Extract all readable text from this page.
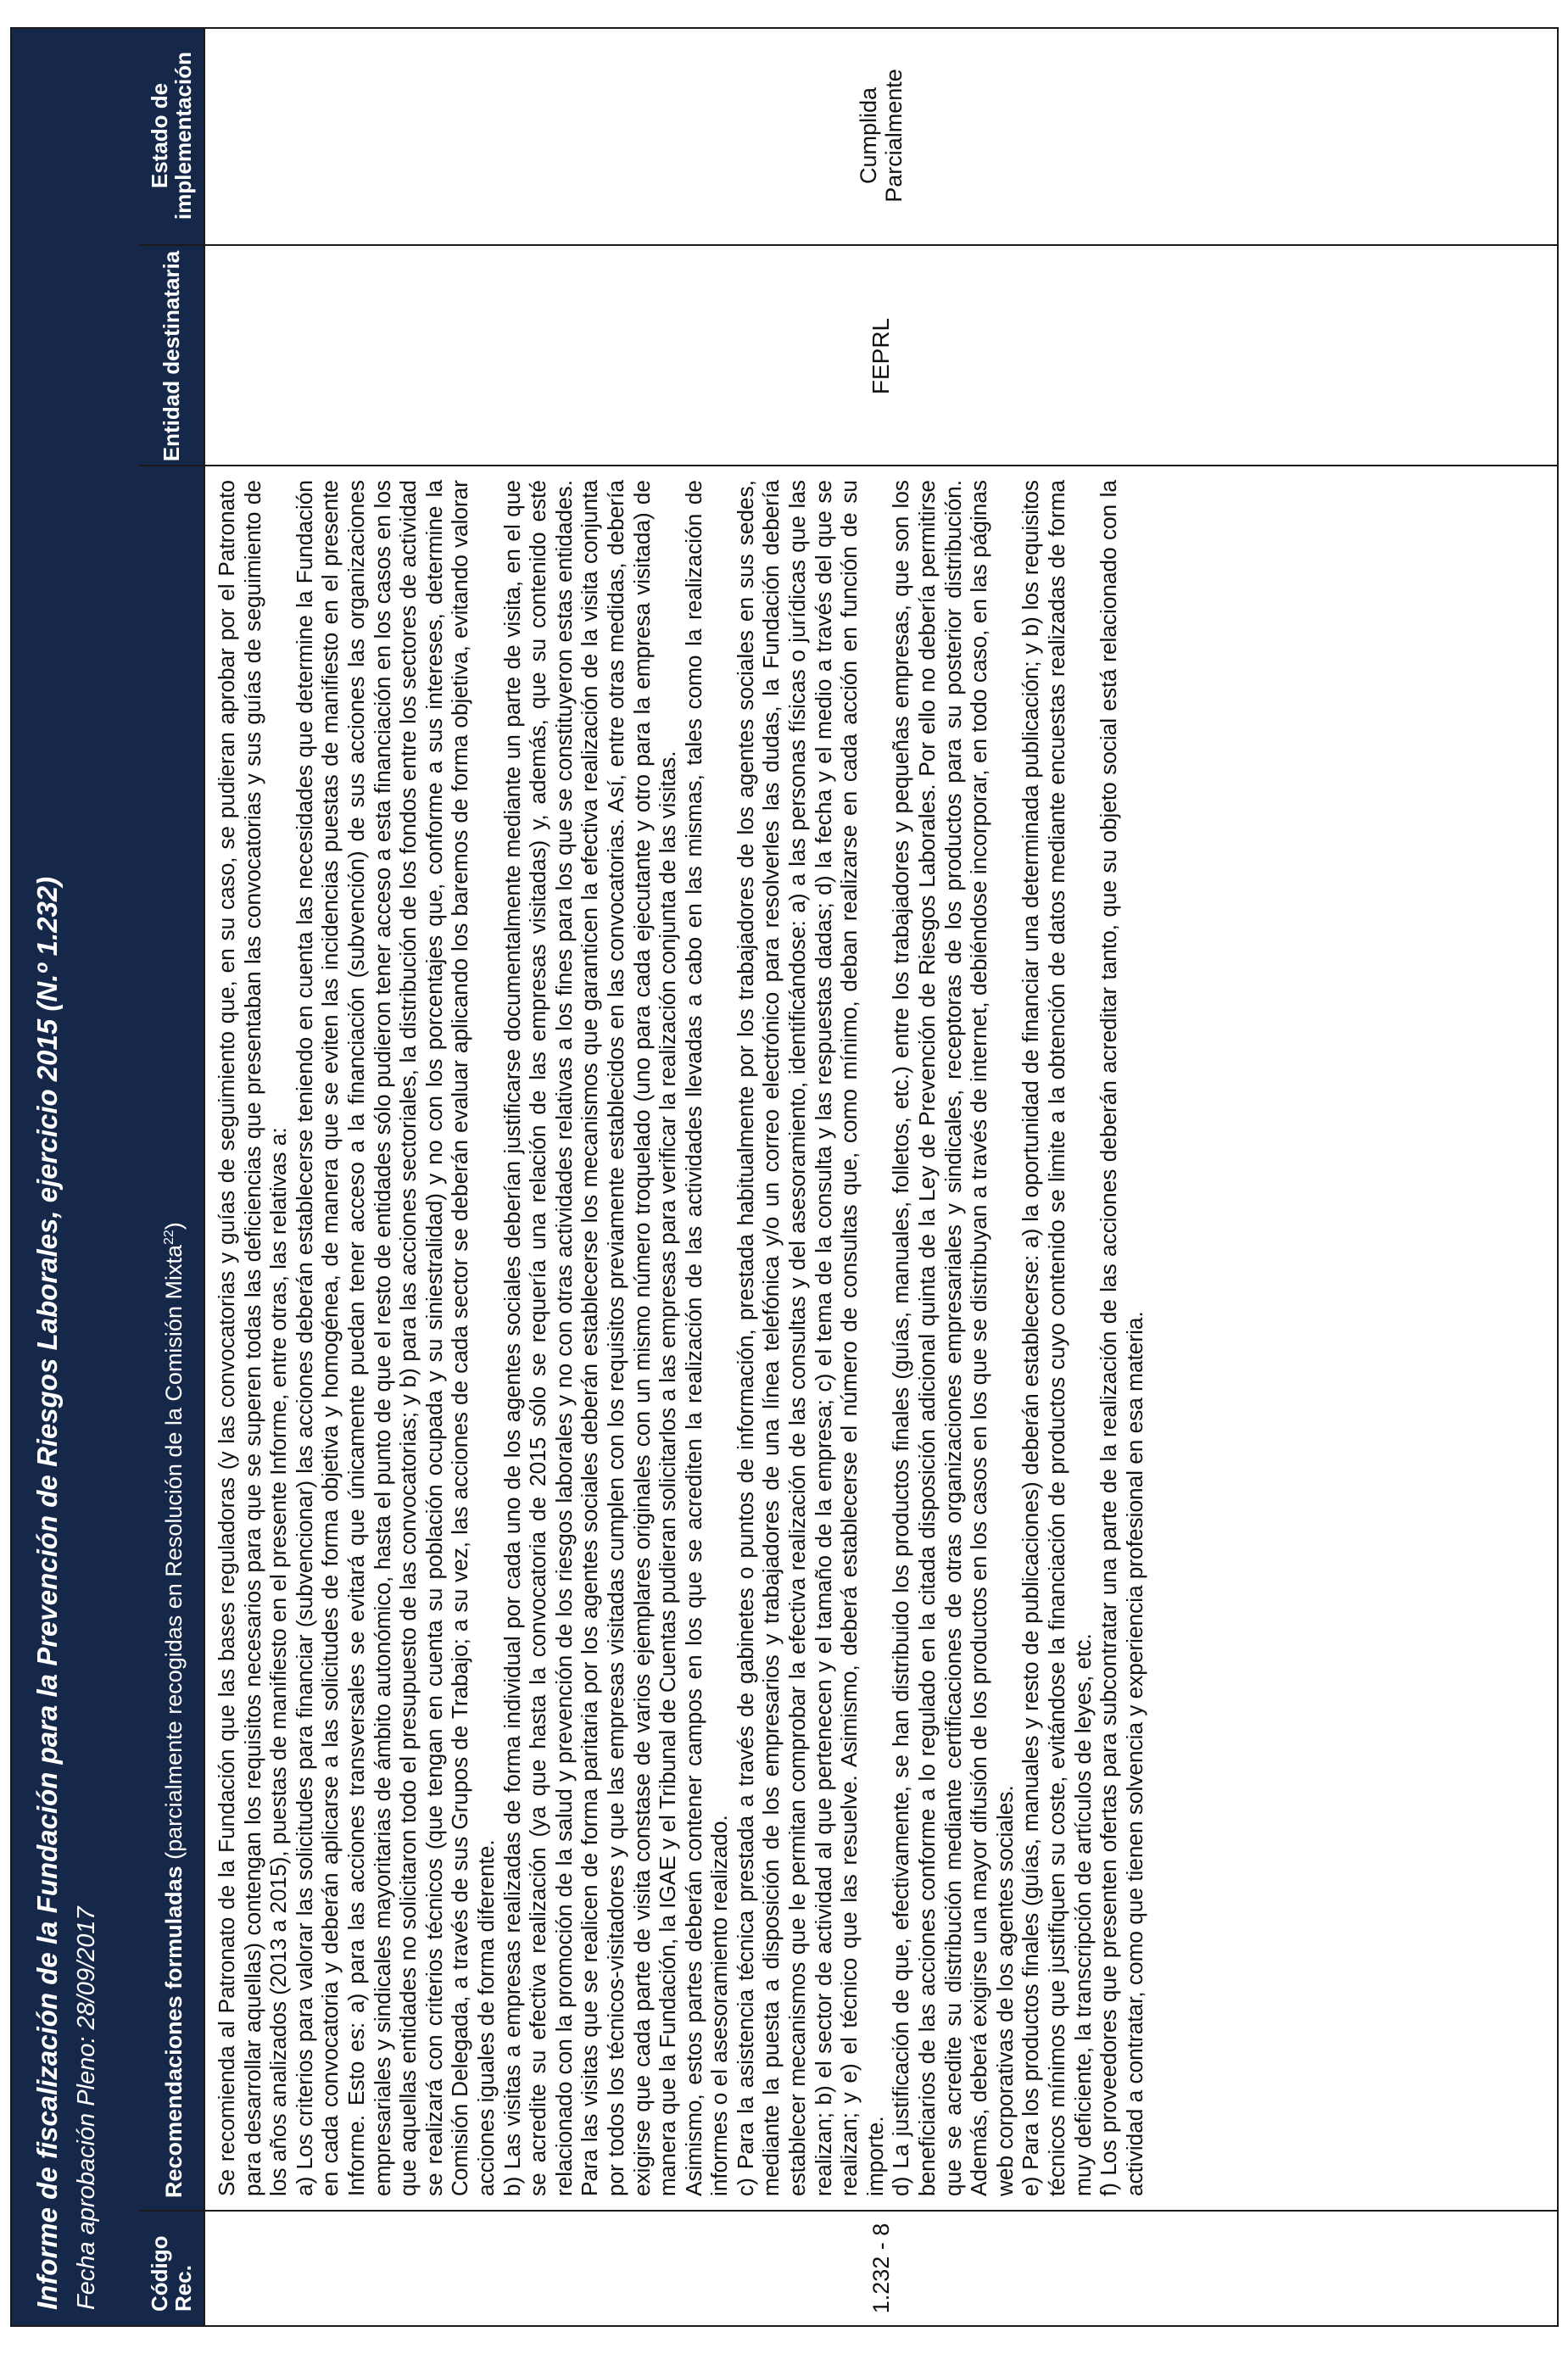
Informe de fiscalización de la Fundación para la Prevención de Riesgos Laborales, ejercicio 2015 (N.º 1.232) Fecha aprobación Pleno: 28/09/2017 Código Rec.
Recomendaciones formuladas (parcialmente recogidas en Resolución de la Comisión Mixta$^{22}$)
Entidad destinataria
Estado de implementación
1.232 - 8

Se recomienda al Patronato de la Fundación que las bases reguladoras (y las convocatorias y guías de seguimiento que, en su caso, se pudieran aprobar por el Patronato para desarrollar aquellas) contengan los requisitos necesarios para que se superen todas las deficiencias que presentaban las convocatorias y sus guías de seguimiento de los años analizados (2013 a 2015), puestas de manifiesto en el presente Informe, entre otras, las relativas a: a) Los criterios para valorar las solicitudes para financiar (subvencionar) las acciones deberán establecerse teniendo en cuenta las necesidades que determine la Fundación en cada convocatoria y deberán aplicarse a las solicitudes de forma objetiva y homogénea, de manera que se eviten las incidencias puestas de manifiesto en el presente Informe. Esto es: a) para las acciones transversales se evitará que únicamente puedan tener acceso a la financiación (subvención) de sus acciones las organizaciones empresariales y sindicales mayoritarias de ámbito autonómico, hasta el punto de que el resto de entidades sólo pudieron tener acceso a esta financiación en los casos en los que aquellas entidades no solicitaron todo el presupuesto de las convocatorias; y b) para las acciones sectoriales, la distribución de los fondos entre los sectores de actividad se realizará con criterios técnicos (que tengan en cuenta su población ocupada y su siniestralidad) y no con los porcentajes que, conforme a sus intereses, determine la Comisión Delegada, a través de sus Grupos de Trabajo; a su vez, las acciones de cada sector se deberán evaluar aplicando los baremos de forma objetiva, evitando valorar acciones iguales de forma diferente. b) Las visitas a empresas realizadas de forma individual por cada uno de los agentes sociales deberían justificarse documentalmente mediante un parte de visita, en el que se acredite su efectiva realización (ya que hasta la convocatoria de 2015 sólo se requería una relación de las empresas visitadas) y, además, que su contenido esté relacionado con la promoción de la salud y prevención de los riesgos laborales y no con otras actividades relativas a los fines para los que se constituyeron estas entidades. Para las visitas que se realicen de forma paritaria por los agentes sociales deberán establecerse los mecanismos que garanticen la efectiva realización de la visita conjunta por todos los técnicos-visitadores y que las empresas visitadas cumplen con los requisitos previamente establecidos en las convocatorias. Así, entre otras medidas, debería exigirse que cada parte de visita constase de varios ejemplares originales con un mismo número troquelado (uno para cada ejecutante y otro para la empresa visitada) de manera que la Fundación, la IGAE y el Tribunal de Cuentas pudieran solicitarlos a las empresas para verificar la realización conjunta de las visitas. Asimismo, estos partes deberán contener campos en los que se acrediten la realización de las actividades llevadas a cabo en las mismas, tales como la realización de informes o el asesoramiento realizado. c) Para la asistencia técnica prestada a través de gabinetes o puntos de información, prestada habitualmente por los trabajadores de los agentes sociales en sus sedes, mediante la puesta a disposición de los empresarios y trabajadores de una línea telefónica y/o un correo electrónico para resolverles las dudas, la Fundación debería establecer mecanismos que le permitan comprobar la efectiva realización de las consultas y del asesoramiento, identificándose: a) a las personas físicas o jurídicas que las realizan; b) el sector de actividad al que pertenecen y el tamaño de la empresa; c) el tema de la consulta y las respuestas dadas; d) la fecha y el medio a través del que se realizan; y e) el técnico que las resuelve. Asimismo, deberá establecerse el número de consultas que, como mínimo, deban realizarse en cada acción en función de su importe. d) La justificación de que, efectivamente, se han distribuido los productos finales (guías, manuales, folletos, etc.) entre los trabajadores y pequeñas empresas, que son los beneficiarios de las acciones conforme a lo regulado en la citada disposición adicional quinta de la Ley de Prevención de Riesgos Laborales. Por ello no debería permitirse que se acredite su distribución mediante certificaciones de otras organizaciones empresariales y sindicales, receptoras de los productos para su posterior distribución. Además, deberá exigirse una mayor difusión de los productos en los casos en los que se distribuyan a través de internet, debiéndose incorporar, en todo caso, en las páginas web corporativas de los agentes sociales. e) Para los productos finales (guías, manuales y resto de publicaciones) deberán establecerse: a) la oportunidad de financiar una determinada publicación; y b) los requisitos técnicos mínimos que justifiquen su coste, evitándose la financiación de productos cuyo contenido se limite a la obtención de datos mediante encuestas realizadas de forma muy deficiente, la transcripción de artículos de leyes, etc. f) Los proveedores que presenten ofertas para subcontratar una parte de la realización de las acciones deberán acreditar tanto, que su objeto social está relacionado con la actividad a contratar, como que tienen solvencia y experiencia profesional en esa materia.

FEPRL
Cumplida Parcialmente
